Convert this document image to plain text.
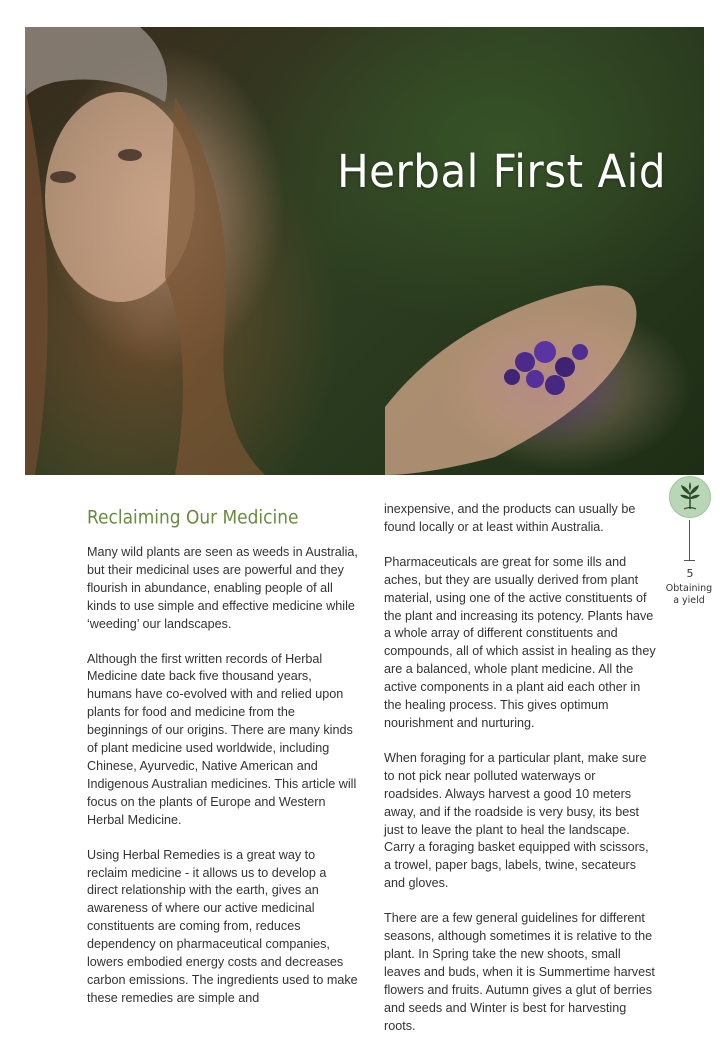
Herbal First Aid
Reclaiming Our Medicine

Many wild plants are seen as weeds in Australia, but their medicinal uses are powerful and they flourish in abundance, enabling people of all kinds to use simple and effective medicine while ‘weeding’ our landscapes.

Although the first written records of Herbal Medicine date back five thousand years, humans have co-evolved with and relied upon plants for food and medicine from the beginnings of our origins. There are many kinds of plant medicine used worldwide, including Chinese, Ayurvedic, Native American and Indigenous Australian medicines. This article will focus on the plants of Europe and Western Herbal Medicine.

Using Herbal Remedies is a great way to reclaim medicine - it allows us to develop a direct relationship with the earth, gives an awareness of where our active medicinal constituents are coming from, reduces dependency on pharmaceutical companies, lowers embodied energy costs and decreases carbon emissions. The ingredients used to make these remedies are simple and

inexpensive, and the products can usually be found locally or at least within Australia.

Pharmaceuticals are great for some ills and aches, but they are usually derived from plant material, using one of the active constituents of the plant and increasing its potency. Plants have a whole array of different constituents and compounds, all of which assist in healing as they are a balanced, whole plant medicine. All the active components in a plant aid each other in the healing process. This gives optimum nourishment and nurturing.

When foraging for a particular plant, make sure to not pick near polluted waterways or roadsides. Always harvest a good 10 meters away, and if the roadside is very busy, its best just to leave the plant to heal the landscape. Carry a foraging basket equipped with scissors, a trowel, paper bags, labels, twine, secateurs and gloves.

There are a few general guidelines for different seasons, although sometimes it is relative to the plant. In Spring take the new shoots, small leaves and buds, when it is Summertime harvest flowers and fruits. Autumn gives a glut of berries and seeds and Winter is best for harvesting roots.

5
Obtaining
a yield
